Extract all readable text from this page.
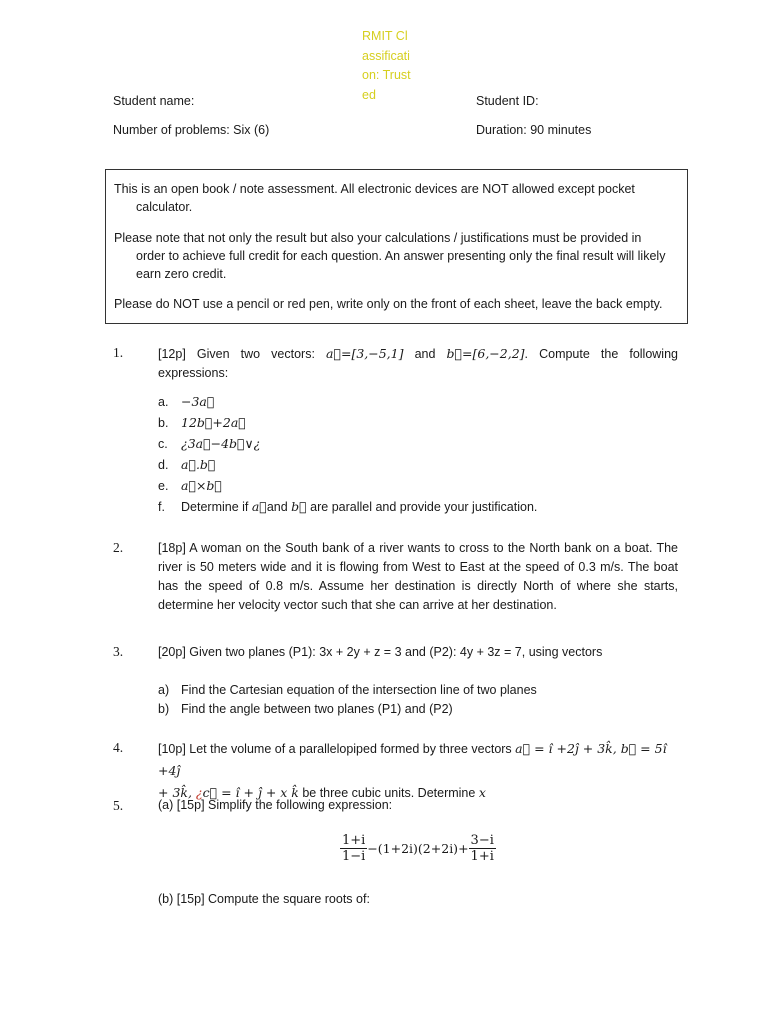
RMIT Classification: Trusted
Student name:
Number of problems: Six (6)
Student ID:
Duration: 90 minutes
This is an open book / note assessment. All electronic devices are NOT allowed except pocket
calculator.
Please note that not only the result but also your calculations / justifications must be provided in
order to achieve full credit for each question. An answer presenting only the final result will likely earn zero credit.
Please do NOT use a pencil or red pen, write only on the front of each sheet, leave the back empty.
1.	[12p] Given two vectors: a⃗=[3,−5,1] and b⃗=[6,−2,2]. Compute the following expressions:
a. −3a⃗
b. 12b⃗+2a⃗
c. ¿3a⃗−4b⃗∨¿
d. a⃗.b⃗
e. a⃗×b⃗
f. Determine if a⃗and b⃗ are parallel and provide your justification.
2.	[18p] A woman on the South bank of a river wants to cross to the North bank on a boat. The river is 50 meters wide and it is flowing from West to East at the speed of 0.3 m/s. The boat has the speed of 0.8 m/s. Assume her destination is directly North of where she starts, determine her velocity vector such that she can arrive at her destination.
3.	[20p] Given two planes (P1): 3x + 2y + z = 3 and (P2): 4y + 3z = 7, using vectors
a) Find the Cartesian equation of the intersection line of two planes
b) Find the angle between two planes (P1) and (P2)
4.	[10p] Let the volume of a parallelopiped formed by three vectors a⃗ = î +2ĵ + 3k̂, b⃗ = 5î +4ĵ
+ 3k̂, ¿c⃗ = î + ĵ + x k̂ be three cubic units. Determine x
5.	(a) [15p] Simplify the following expression:
$\frac{1+i}{1-i} -(1+2i)(2+2i)+ \frac{3-i}{1+i}$
(b) [15p] Compute the square roots of:
